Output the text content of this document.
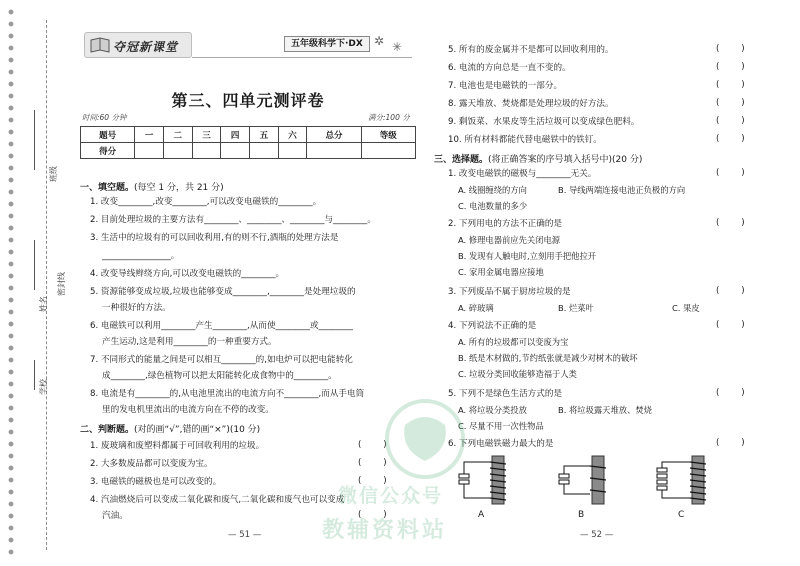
班级
姓名
密封线
学校
夺冠新课堂	五年级科学下·DX ✲ ✳
第三、四单元测评卷
时间:60 分钟	满分:100 分
题号	一	二	三	四	五	六	总分	等级
得分								
一、填空题。(每空 1 分，共 21 分)
1. 改变________,改变________,可以改变电磁铁的________。
2. 目前处理垃圾的主要方法有________、________、________与________。
3. 生活中的垃圾有的可以回收利用,有的则不行,酒瓶的处理方法是
________________。
4. 改变导线辫绕方向,可以改变电磁铁的________。
5. 资源能够变成垃圾,垃圾也能够变成________,________是处理垃圾的
一种很好的方法。
6. 电磁铁可以利用________产生________,从而使________或________
产生运动,这是利用________的一种重要方式。
7. 不同形式的能量之间是可以相互________的,如电炉可以把电能转化
成________,绿色植物可以把太阳能转化成食物中的________。
8. 电流是有________的,从电池里流出的电流方向不________,而从手电筒
里的发电机里流出的电流方向在不停的改变。
二、判断题。(对的画“√”,错的画“×”)(10 分)
1. 废玻璃和废塑料都属于可回收利用的垃圾。	(        )
2. 大多数废品都可以变废为宝。	(        )
3. 电磁铁的磁极也是可以改变的。	(        )
4. 汽油燃烧后可以变成二氧化碳和废气,二氧化碳和废气也可以变成
汽油。	(        )
— 51 —
5. 所有的废金属并不是都可以回收利用的。	(        )
6. 电流的方向总是一直不变的。	(        )
7. 电池也是电磁铁的一部分。	(        )
8. 露天堆放、焚烧都是处理垃圾的好方法。	(        )
9. 剩饭菜、水果皮等生活垃圾可以变成绿色肥料。	(        )
10. 所有材料都能代替电磁铁中的铁钉。	(        )
三、选择题。(将正确答案的序号填入括号中)(20 分)
1. 改变电磁铁的磁极与________无关。	(        )
A. 线圈缠绕的方向	B. 导线两端连接电池正负极的方向
C. 电池数量的多少
2. 下列用电的方法不正确的是	(        )
A. 修理电器前应先关闭电源
B. 发现有人触电时,立刻用手把他拉开
C. 家用金属电器应接地
3. 下列废品不属于厨房垃圾的是	(        )
A. 碎玻璃	B. 烂菜叶	C. 果皮
4. 下列说法不正确的是	(        )
A. 所有的垃圾都可以变废为宝
B. 纸是木材做的,节约纸张就是减少对树木的破坏
C. 垃圾分类回收能够造福于人类
5. 下列不是绿色生活方式的是	(        )
A. 将垃圾分类投放	B. 将垃圾露天堆放、焚烧
C. 尽量不用一次性物品
6. 下列电磁铁磁力最大的是	(        )
— 52 —
A	B	C
微信公众号
教辅资料站
